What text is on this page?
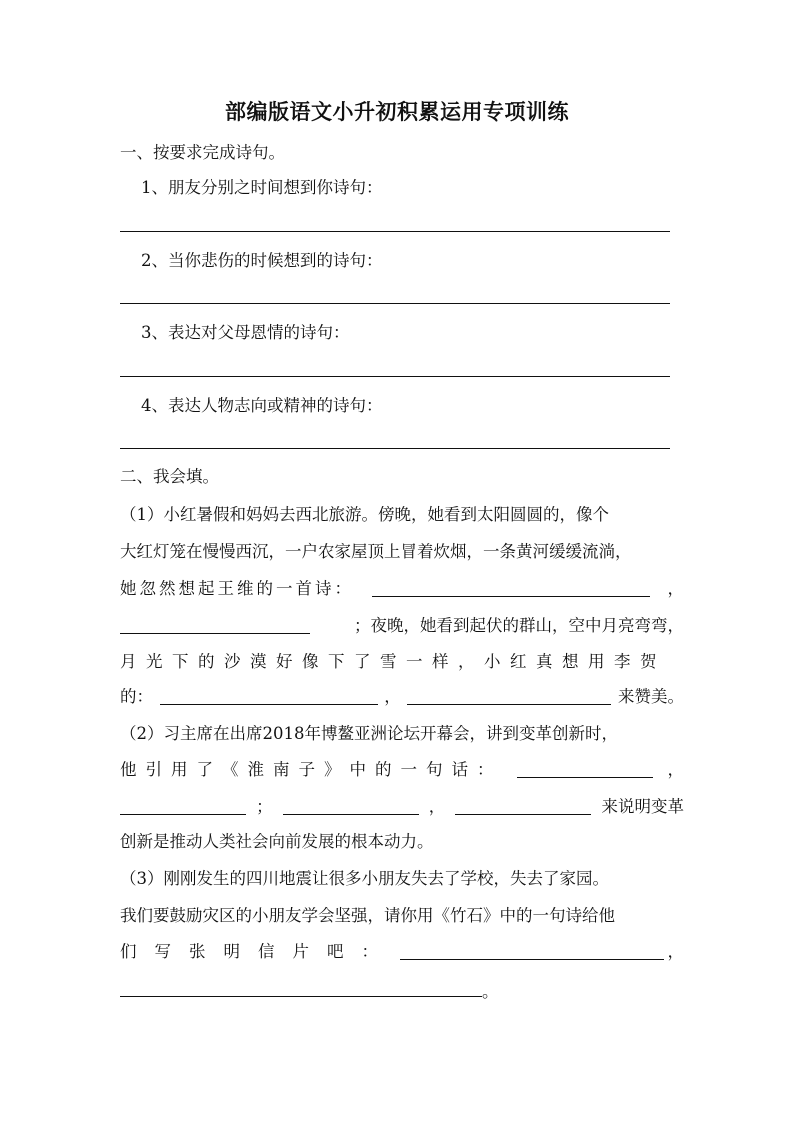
部编版语文小升初积累运用专项训练
一、按要求完成诗句。
1、朋友分别之时间想到你诗句：
2、当你悲伤的时候想到的诗句：
3、表达对父母恩情的诗句：
4、表达人物志向或精神的诗句：
二、我会填。
（1）小红暑假和妈妈去西北旅游。傍晚，她看到太阳圆圆的，像个
大红灯笼在慢慢西沉，一户农家屋顶上冒着炊烟，一条黄河缓缓流淌，
她忽然想起王维的一首诗：	，
；夜晚，她看到起伏的群山，空中月亮弯弯，
月光下的沙漠好像下了雪一样，小红真想用李贺
的：	，	来赞美。
（2）习主席在出席2018年博鳌亚洲论坛开幕会，讲到变革创新时，
他引用了《淮南子》中的一句话：	，
；	，	来说明变革
创新是推动人类社会向前发展的根本动力。
（3）刚刚发生的四川地震让很多小朋友失去了学校，失去了家园。
我们要鼓励灾区的小朋友学会坚强，请你用《竹石》中的一句诗给他
们写张明信片吧：	，
。
